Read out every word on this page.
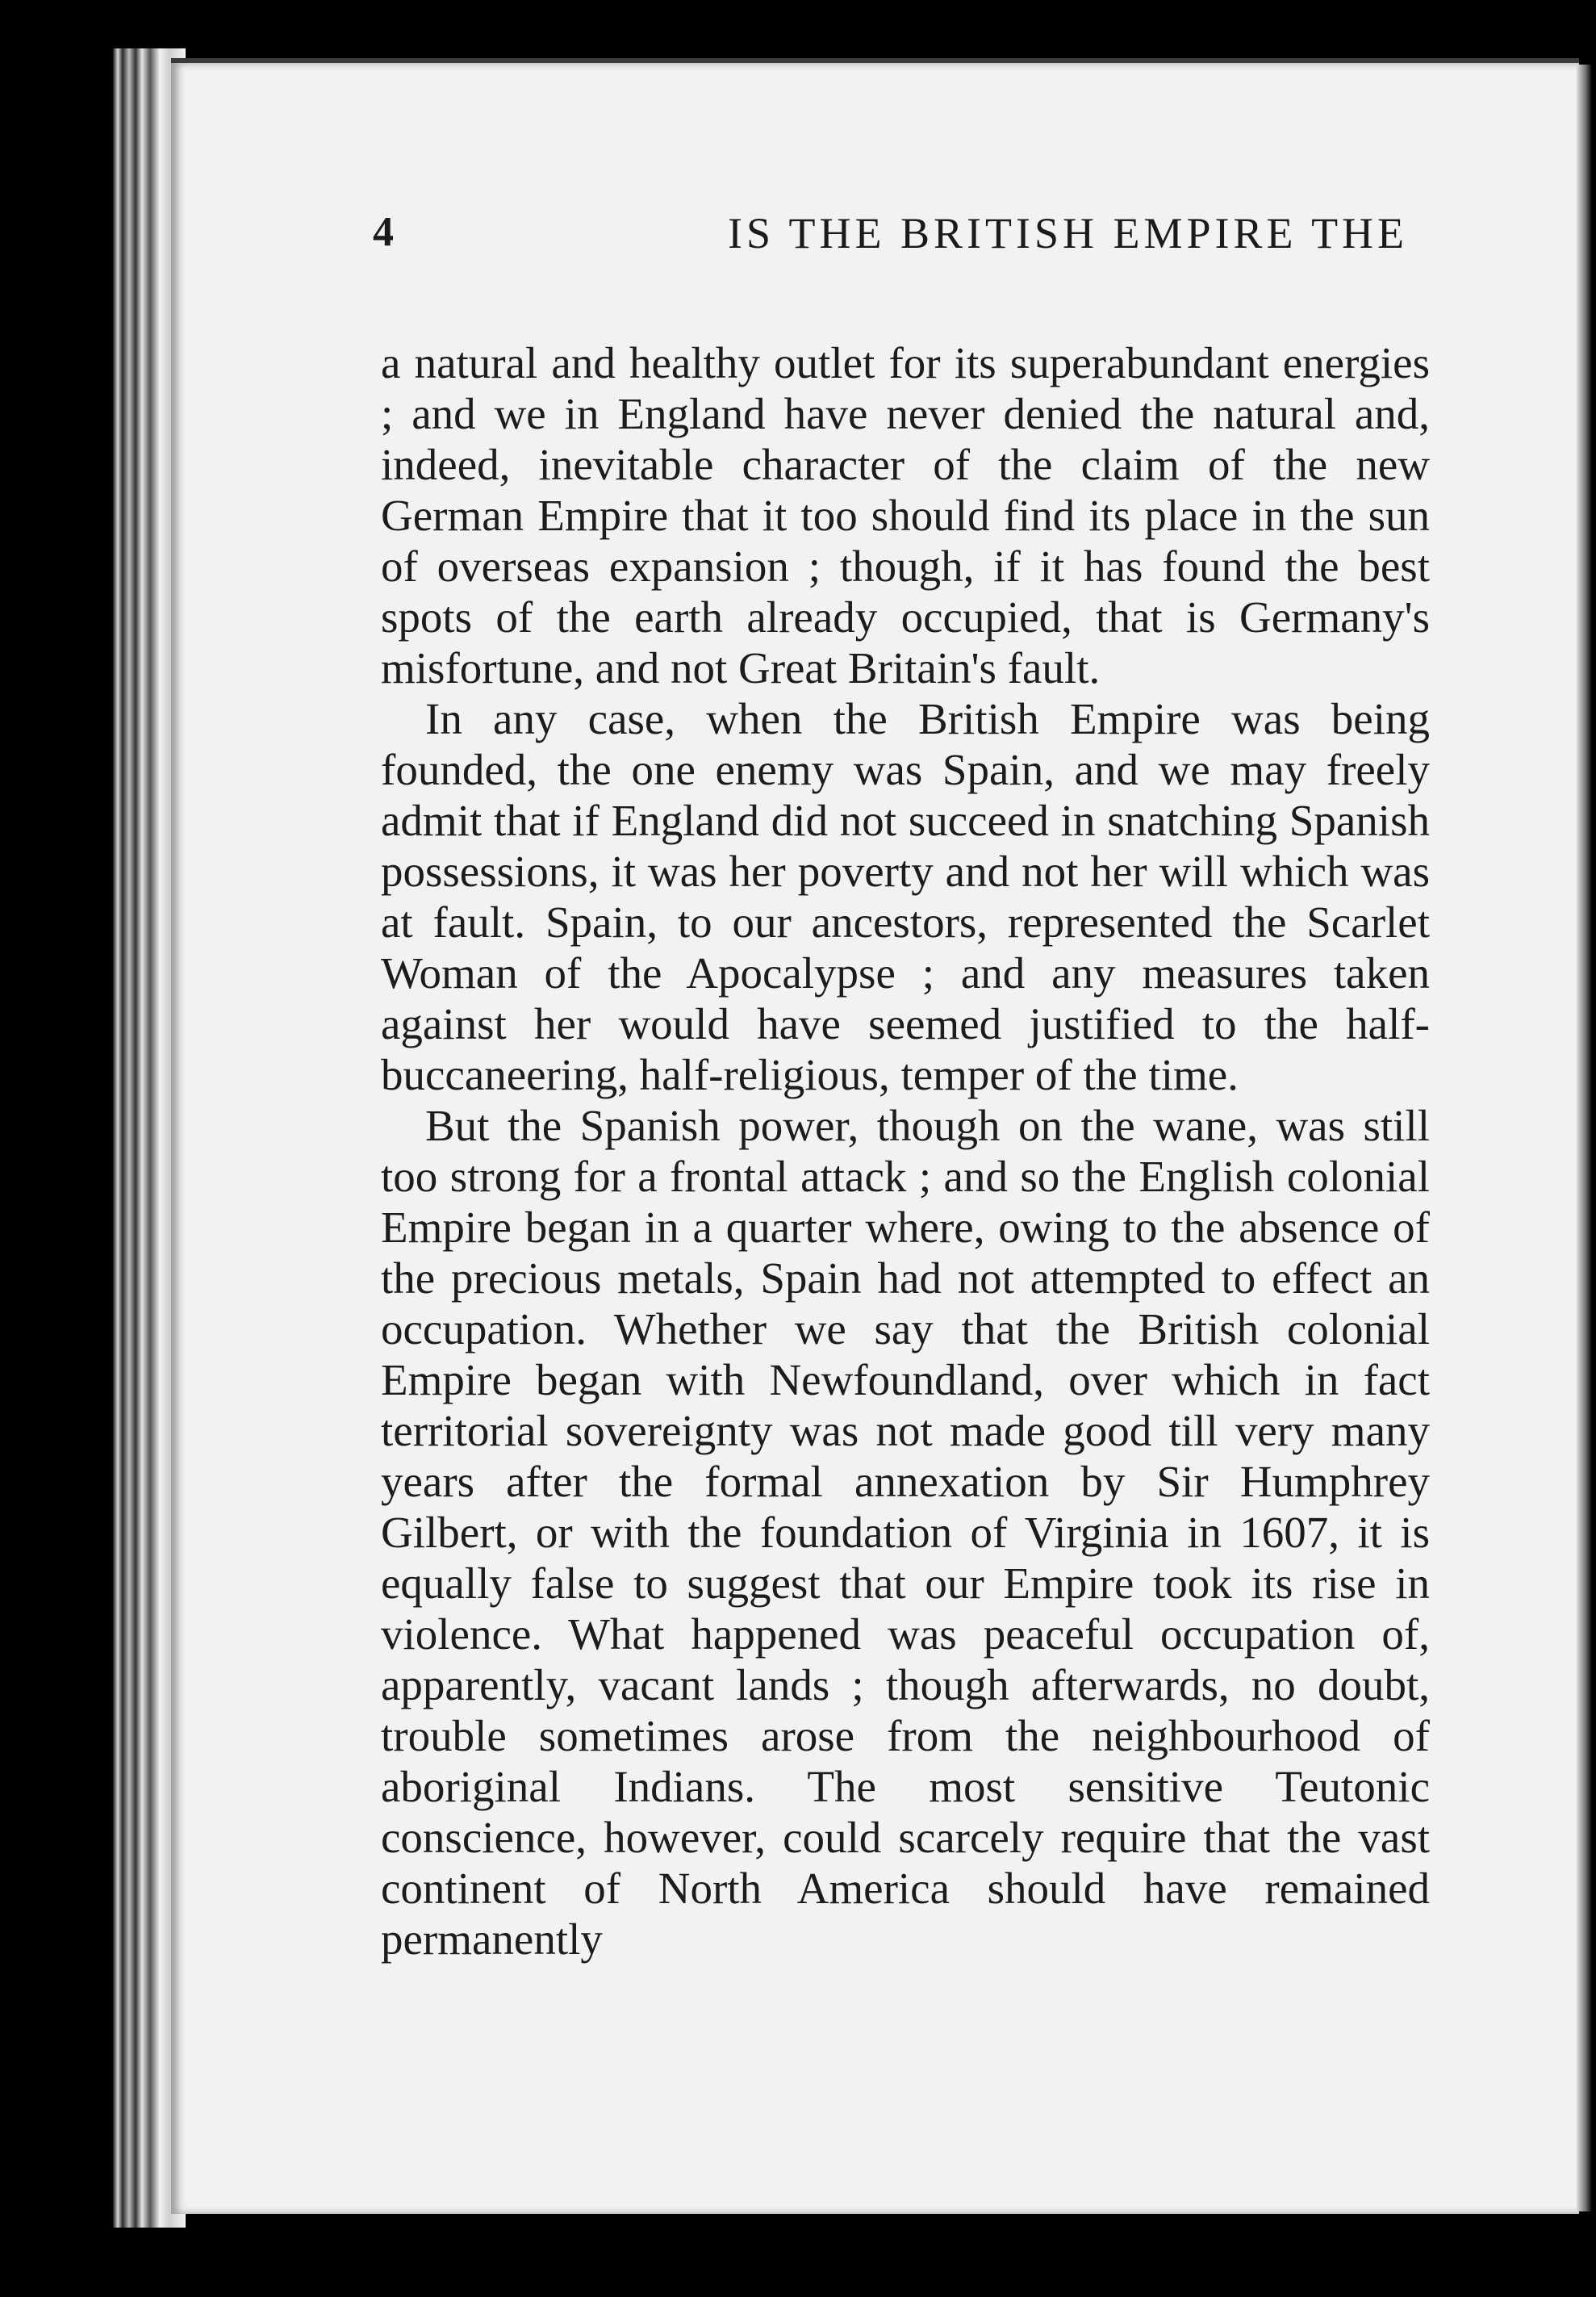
4	IS THE BRITISH EMPIRE THE

a natural and healthy outlet for its superabundant energies ; and we in England have never denied the natural and, indeed, inevitable character of the claim of the new German Empire that it too should find its place in the sun of overseas expansion ; though, if it has found the best spots of the earth already occupied, that is Germany's misfortune, and not Great Britain's fault.

In any case, when the British Empire was being founded, the one enemy was Spain, and we may freely admit that if England did not succeed in snatching Spanish possessions, it was her poverty and not her will which was at fault. Spain, to our ancestors, represented the Scarlet Woman of the Apocalypse ; and any measures taken against her would have seemed justified to the half-buccaneering, half-religious, temper of the time.

But the Spanish power, though on the wane, was still too strong for a frontal attack ; and so the English colonial Empire began in a quarter where, owing to the absence of the precious metals, Spain had not attempted to effect an occupation. Whether we say that the British colonial Empire began with Newfoundland, over which in fact territorial sovereignty was not made good till very many years after the formal annexation by Sir Humphrey Gilbert, or with the foundation of Virginia in 1607, it is equally false to suggest that our Empire took its rise in violence. What happened was peaceful occupation of, apparently, vacant lands ; though afterwards, no doubt, trouble sometimes arose from the neighbourhood of aboriginal Indians. The most sensitive Teutonic conscience, however, could scarcely require that the vast continent of North America should have remained permanently
